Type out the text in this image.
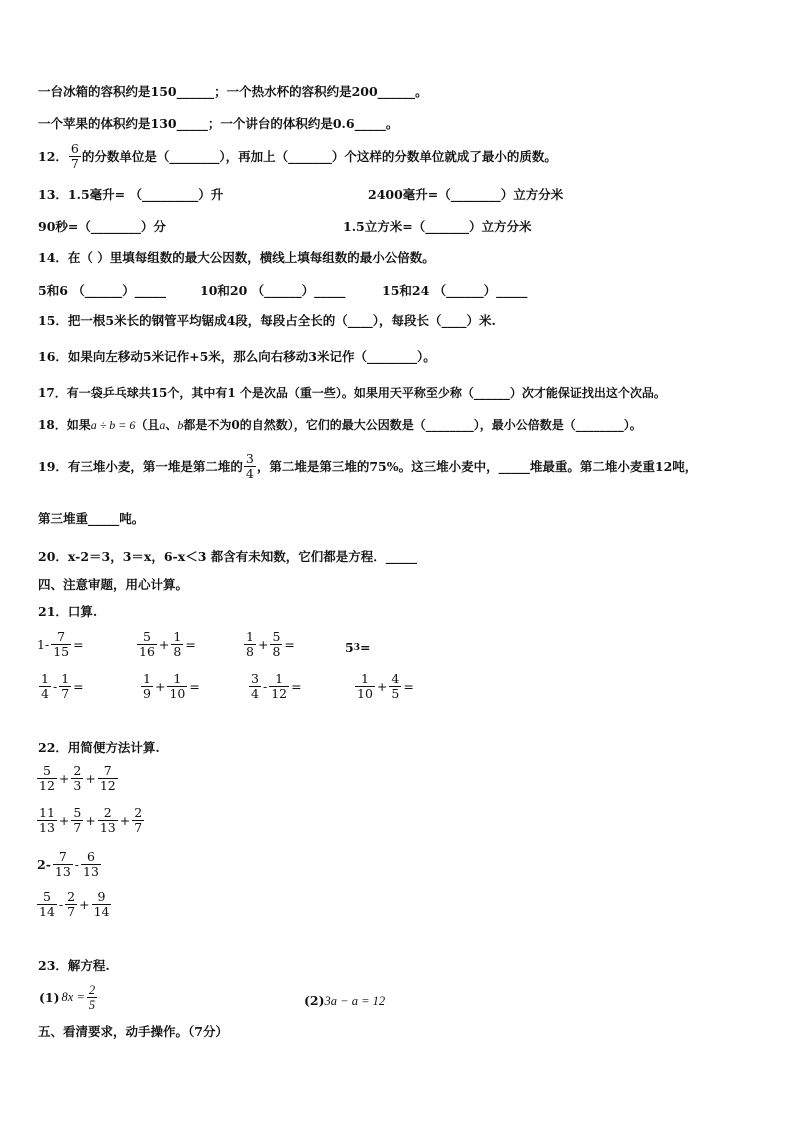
一台冰箱的容积约是150______；一个热水杯的容积约是200______。
一个苹果的体积约是130_____；一个讲台的体积约是0.6_____。
12． $\frac{6}{7}$ 的分数单位是（________），再加上（_______）个这样的分数单位就成了最小的质数。
13．1.5毫升= （_________）升	2400毫升=（________）立方分米
90秒=（________）分	1.5立方米=（_______）立方分米
14．在（ ）里填每组数的最大公因数，横线上填每组数的最小公倍数。
5和6 （______）_____	10和20 （______）_____	15和24 （______）_____
15．把一根5米长的钢管平均锯成4段，每段占全长的（____），每段长（____）米.
16．如果向左移动5米记作+5米，那么向右移动3米记作（________）。
17．有一袋乒乓球共15个，其中有1 个是次品（重一些）。如果用天平称至少称（______）次才能保证找出这个次品。
18．如果a ÷ b = 6（且a、b都是不为0的自然数），它们的最大公因数是（________），最小公倍数是（________）。
19．有三堆小麦，第一堆是第二堆的 $\frac{3}{4}$ ，第二堆是第三堆的75%。这三堆小麦中，_____堆最重。第二堆小麦重12吨，
第三堆重_____吨。
20．x-2＝3，3＝x，6-x＜3 都含有未知数，它们都是方程．_____
四、注意审题，用心计算。
21．口算.
$1- \frac{7}{15}$ =	$\frac{5}{16} + \frac{1}{8}$ =	$\frac{1}{8} + \frac{5}{8}$ =	5 3 =
$\frac{1}{4} - \frac{1}{7}$ =	$\frac{1}{9} + \frac{1}{10}$ =	$\frac{3}{4} - \frac{1}{12}$ =	$\frac{1}{10} + \frac{4}{5}$ =
22．用简便方法计算.
$\frac{5}{12} + \frac{2}{3} + \frac{7}{12}$
$\frac{11}{13} + \frac{5}{7} + \frac{2}{13} + \frac{2}{7}$
$2- \frac{7}{13} - \frac{6}{13}$
$\frac{5}{14} - \frac{2}{7} + \frac{9}{14}$
23．解方程.
(1) $8x = \frac{2}{5}$	(2)3a − a = 12
五、看清要求，动手操作。（7分）
